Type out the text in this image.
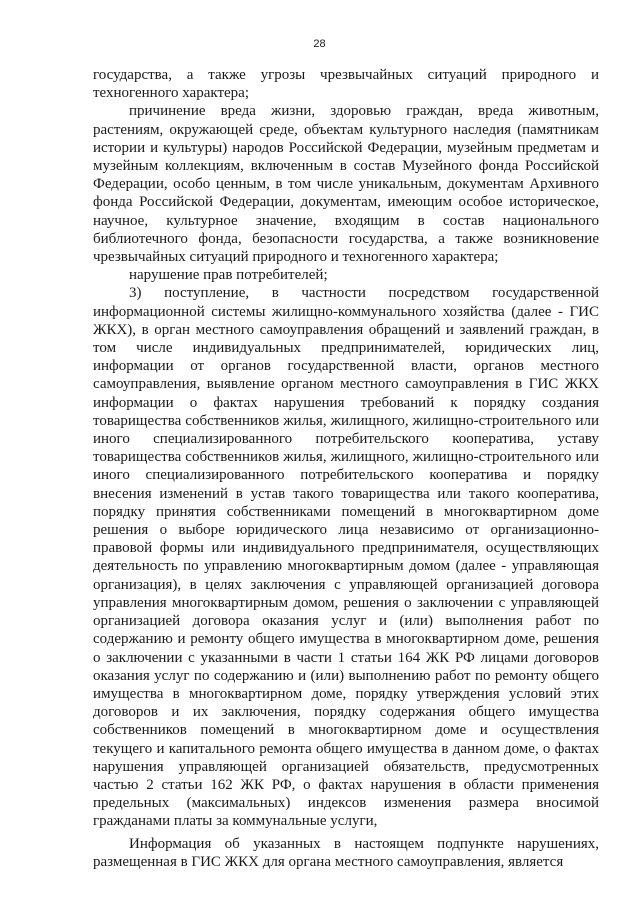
28

государства, а также угрозы чрезвычайных ситуаций природного и техногенного характера;

причинение вреда жизни, здоровью граждан, вреда животным, растениям, окружающей среде, объектам культурного наследия (памятникам истории и культуры) народов Российской Федерации, музейным предметам и музейным коллекциям, включенным в состав Музейного фонда Российской Федерации, особо ценным, в том числе уникальным, документам Архивного фонда Российской Федерации, документам, имеющим особое историческое, научное, культурное значение, входящим в состав национального библиотечного фонда, безопасности государства, а также возникновение чрезвычайных ситуаций природного и техногенного характера;

нарушение прав потребителей;

3) поступление, в частности посредством государственной информационной системы жилищно-коммунального хозяйства (далее - ГИС ЖКХ), в орган местного самоуправления обращений и заявлений граждан, в том числе индивидуальных предпринимателей, юридических лиц, информации от органов государственной власти, органов местного самоуправления, выявление органом местного самоуправления в ГИС ЖКХ информации о фактах нарушения требований к порядку создания товарищества собственников жилья, жилищного, жилищно-строительного или иного специализированного потребительского кооператива, уставу товарищества собственников жилья, жилищного, жилищно-строительного или иного специализированного потребительского кооператива и порядку внесения изменений в устав такого товарищества или такого кооператива, порядку принятия собственниками помещений в многоквартирном доме решения о выборе юридического лица независимо от организационно-правовой формы или индивидуального предпринимателя, осуществляющих деятельность по управлению многоквартирным домом (далее - управляющая организация), в целях заключения с управляющей организацией договора управления многоквартирным домом, решения о заключении с управляющей организацией договора оказания услуг и (или) выполнения работ по содержанию и ремонту общего имущества в многоквартирном доме, решения о заключении с указанными в части 1 статьи 164 ЖК РФ лицами договоров оказания услуг по содержанию и (или) выполнению работ по ремонту общего имущества в многоквартирном доме, порядку утверждения условий этих договоров и их заключения, порядку содержания общего имущества собственников помещений в многоквартирном доме и осуществления текущего и капитального ремонта общего имущества в данном доме, о фактах нарушения управляющей организацией обязательств, предусмотренных частью 2 статьи 162 ЖК РФ, о фактах нарушения в области применения предельных (максимальных) индексов изменения размера вносимой гражданами платы за коммунальные услуги,

Информация об указанных в настоящем подпункте нарушениях, размещенная в ГИС ЖКХ для органа местного самоуправления, является
